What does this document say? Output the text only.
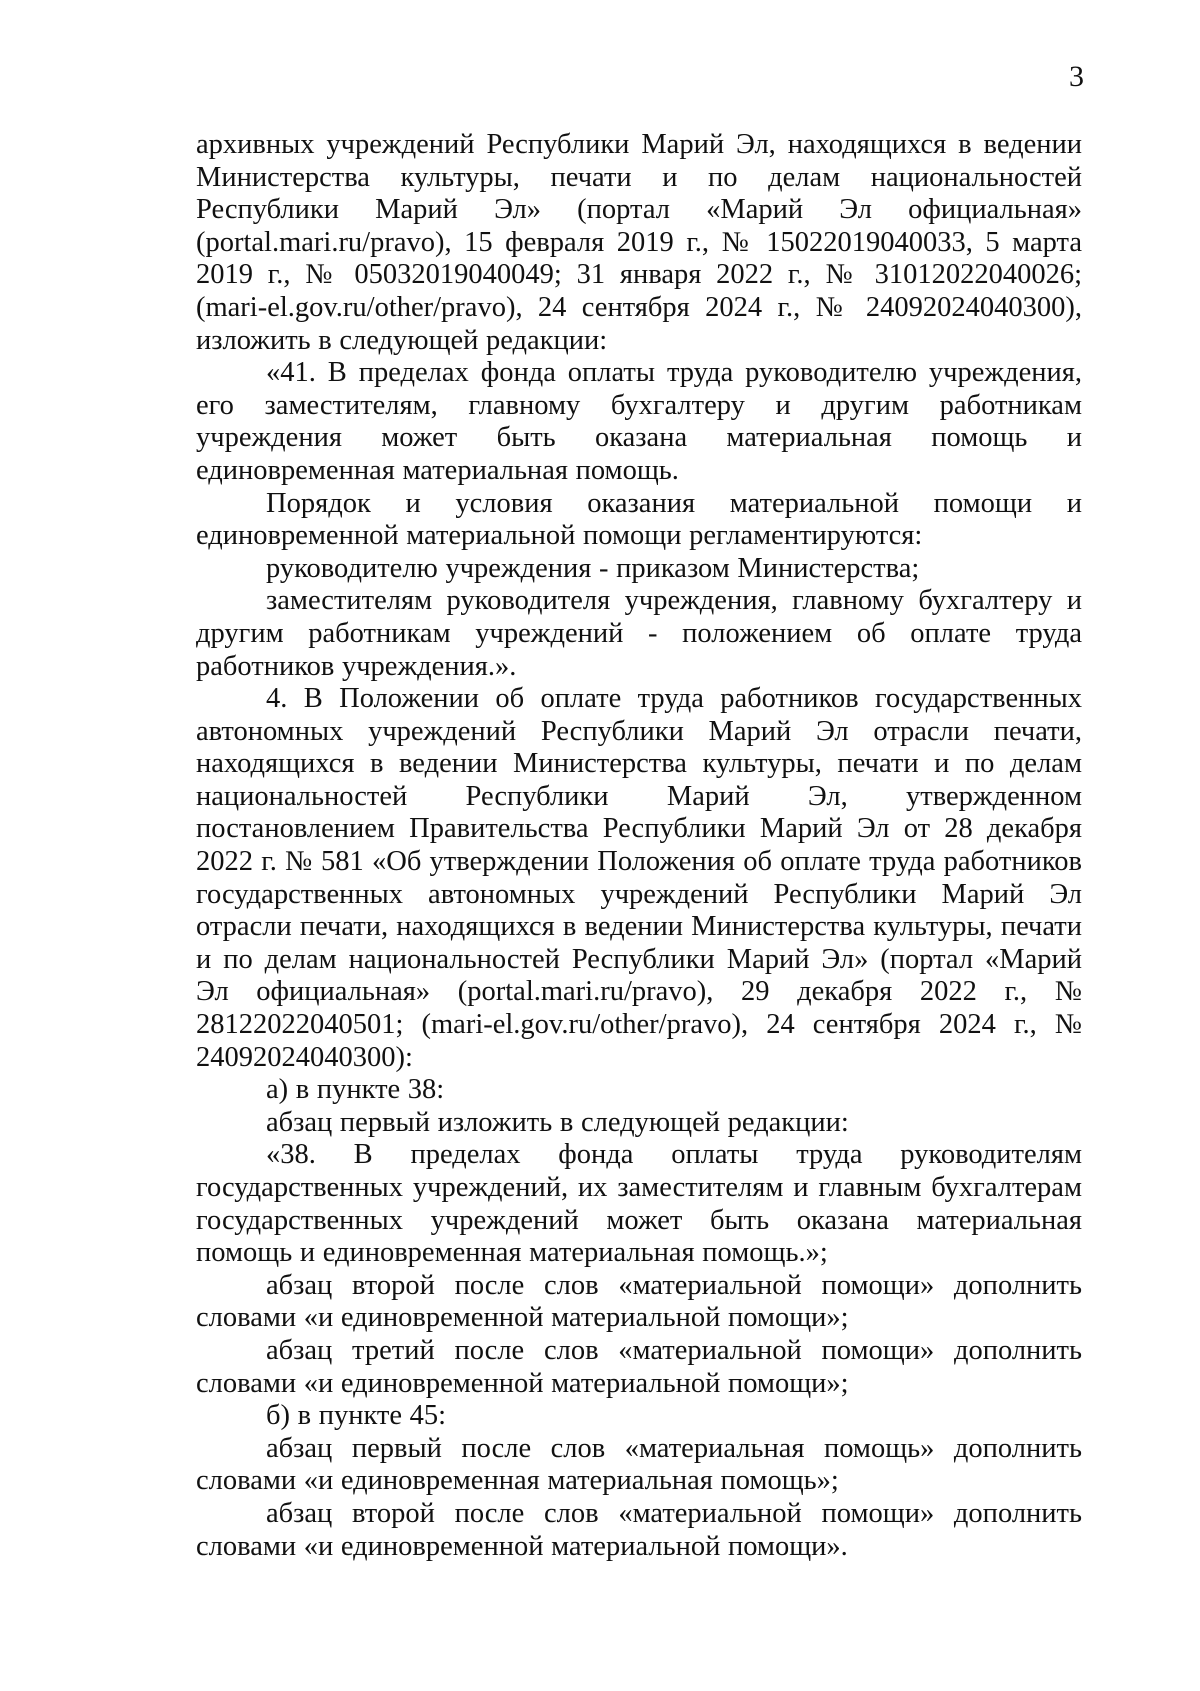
3

архивных учреждений Республики Марий Эл, находящихся в ведении Министерства культуры, печати и по делам национальностей Республики Марий Эл» (портал «Марий Эл официальная» (portal.mari.ru/pravo), 15 февраля 2019 г., № 15022019040033, 5 марта 2019 г., № 05032019040049; 31 января 2022 г., № 31012022040026; (mari-el.gov.ru/other/pravo), 24 сентября 2024 г., № 24092024040300), изложить в следующей редакции:

«41. В пределах фонда оплаты труда руководителю учреждения, его заместителям, главному бухгалтеру и другим работникам учреждения может быть оказана материальная помощь и единовременная материальная помощь.

Порядок и условия оказания материальной помощи и единовременной материальной помощи регламентируются:

руководителю учреждения - приказом Министерства;

заместителям руководителя учреждения, главному бухгалтеру и другим работникам учреждений - положением об оплате труда работников учреждения.».

4. В Положении об оплате труда работников государственных автономных учреждений Республики Марий Эл отрасли печати, находящихся в ведении Министерства культуры, печати и по делам национальностей Республики Марий Эл, утвержденном постановлением Правительства Республики Марий Эл от 28 декабря 2022 г. № 581 «Об утверждении Положения об оплате труда работников государственных автономных учреждений Республики Марий Эл отрасли печати, находящихся в ведении Министерства культуры, печати и по делам национальностей Республики Марий Эл» (портал «Марий Эл официальная» (portal.mari.ru/pravo), 29 декабря 2022 г., № 28122022040501; (mari-el.gov.ru/other/pravo), 24 сентября 2024 г., № 24092024040300):

а) в пункте 38:

абзац первый изложить в следующей редакции:

«38. В пределах фонда оплаты труда руководителям государственных учреждений, их заместителям и главным бухгалтерам государственных учреждений может быть оказана материальная помощь и единовременная материальная помощь.»;

абзац второй после слов «материальной помощи» дополнить словами «и единовременной материальной помощи»;

абзац третий после слов «материальной помощи» дополнить словами «и единовременной материальной помощи»;

б) в пункте 45:

абзац первый после слов «материальная помощь» дополнить словами «и единовременная материальная помощь»;

абзац второй после слов «материальной помощи» дополнить словами «и единовременной материальной помощи».
